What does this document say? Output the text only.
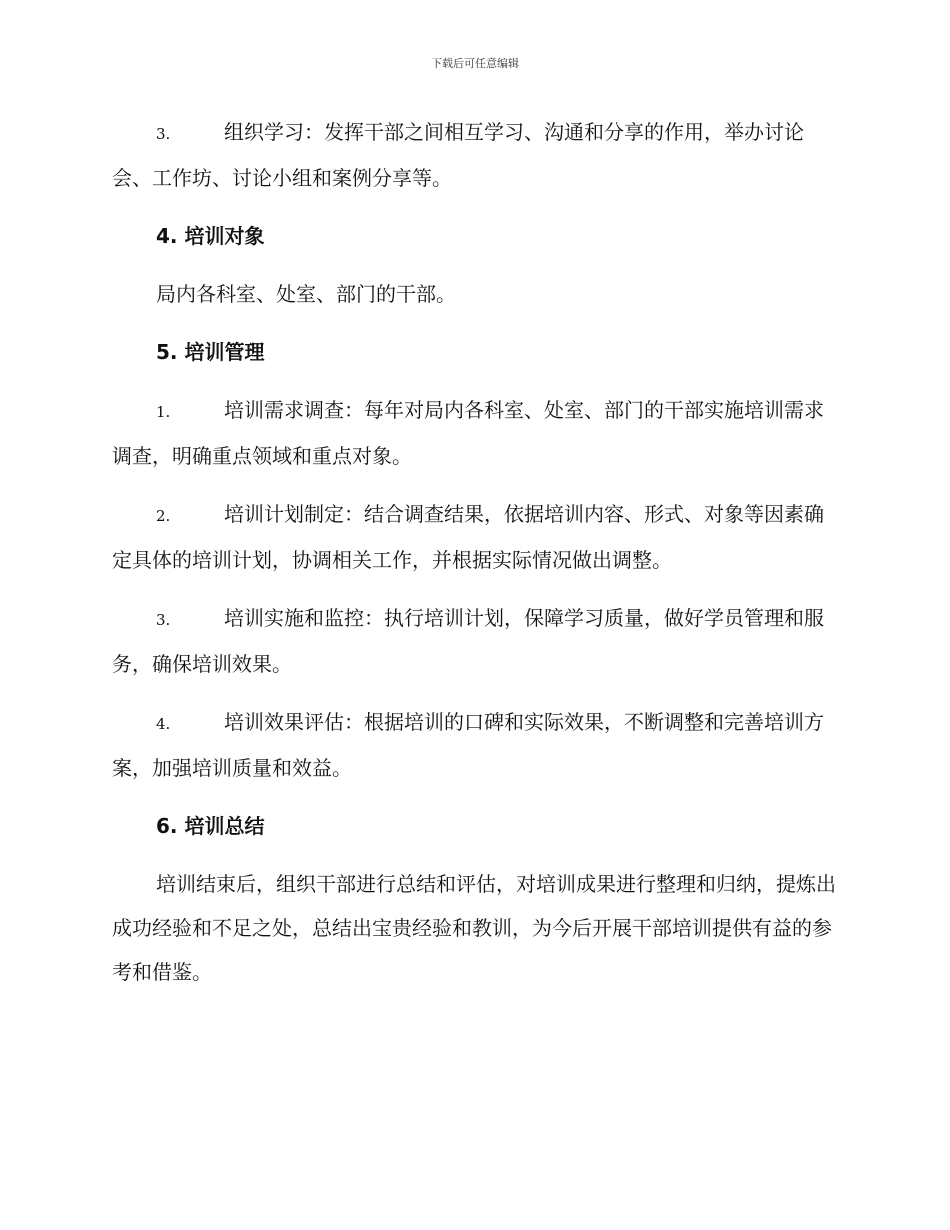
下载后可任意编辑

3.	组织学习：发挥干部之间相互学习、沟通和分享的作用，举办讨论会、工作坊、讨论小组和案例分享等。

4. 培训对象

局内各科室、处室、部门的干部。

5. 培训管理

1.	培训需求调查：每年对局内各科室、处室、部门的干部实施培训需求调查，明确重点领域和重点对象。

2.	培训计划制定：结合调查结果，依据培训内容、形式、对象等因素确定具体的培训计划，协调相关工作，并根据实际情况做出调整。

3.	培训实施和监控：执行培训计划，保障学习质量，做好学员管理和服务，确保培训效果。

4.	培训效果评估：根据培训的口碑和实际效果，不断调整和完善培训方案，加强培训质量和效益。

6. 培训总结

培训结束后，组织干部进行总结和评估，对培训成果进行整理和归纳，提炼出成功经验和不足之处，总结出宝贵经验和教训，为今后开展干部培训提供有益的参考和借鉴。
